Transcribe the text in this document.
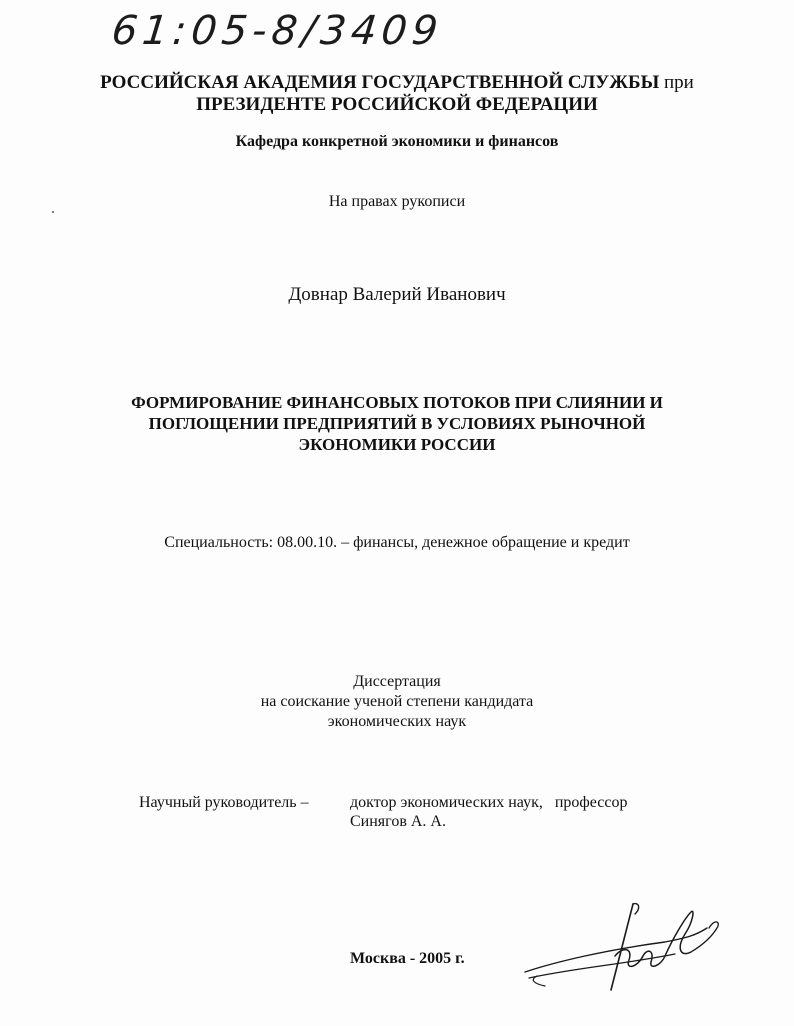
61:05-8/3409
РОССИЙСКАЯ АКАДЕМИЯ ГОСУДАРСТВЕННОЙ СЛУЖБЫ при
ПРЕЗИДЕНТЕ РОССИЙСКОЙ ФЕДЕРАЦИИ
Кафедра конкретной экономики и финансов
На правах рукописи
Довнар Валерий Иванович
ФОРМИРОВАНИЕ ФИНАНСОВЫХ ПОТОКОВ ПРИ СЛИЯНИИ И
ПОГЛОЩЕНИИ ПРЕДПРИЯТИЙ В УСЛОВИЯХ РЫНОЧНОЙ
ЭКОНОМИКИ РОССИИ
Специальность: 08.00.10. – финансы, денежное обращение и кредит
Диссертация
на соискание ученой степени кандидата
экономических наук
Научный руководитель –	доктор экономических наук,   профессор
Синягов А. А.
Москва - 2005 г.
